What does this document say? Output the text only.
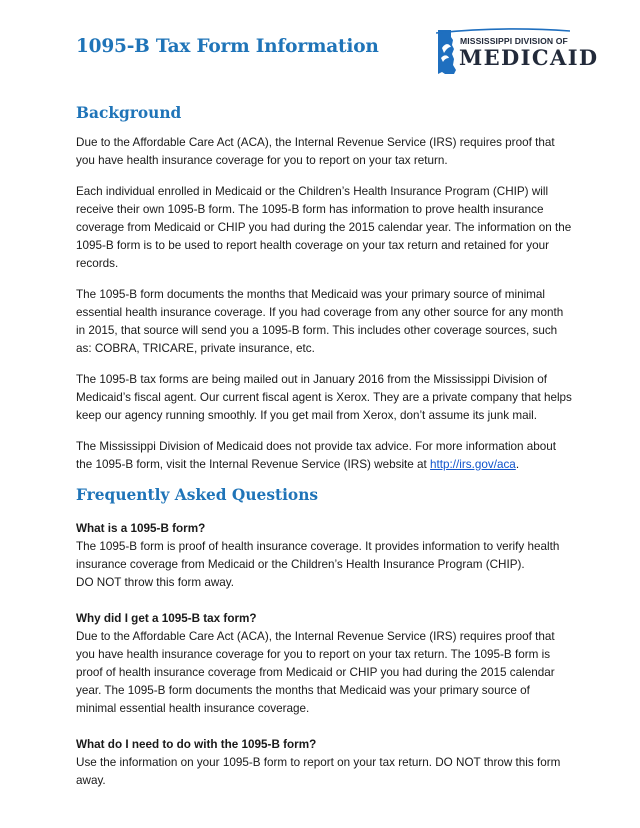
1095-B Tax Form Information	MISSISSIPPI DIVISION OF
MEDICAID
Background

Due to the Affordable Care Act (ACA), the Internal Revenue Service (IRS) requires proof that you have health insurance coverage for you to report on your tax return.

Each individual enrolled in Medicaid or the Children’s Health Insurance Program (CHIP) will receive their own 1095-B form. The 1095-B form has information to prove health insurance coverage from Medicaid or CHIP you had during the 2015 calendar year. The information on the 1095-B form is to be used to report health coverage on your tax return and retained for your records.

The 1095-B form documents the months that Medicaid was your primary source of minimal essential health insurance coverage. If you had coverage from any other source for any month in 2015, that source will send you a 1095-B form. This includes other coverage sources, such as: COBRA, TRICARE, private insurance, etc.

The 1095-B tax forms are being mailed out in January 2016 from the Mississippi Division of Medicaid’s fiscal agent. Our current fiscal agent is Xerox. They are a private company that helps keep our agency running smoothly. If you get mail from Xerox, don’t assume its junk mail.

The Mississippi Division of Medicaid does not provide tax advice. For more information about the 1095-B form, visit the Internal Revenue Service (IRS) website at http://irs.gov/aca.

Frequently Asked Questions

What is a 1095-B form?

The 1095-B form is proof of health insurance coverage. It provides information to verify health insurance coverage from Medicaid or the Children’s Health Insurance Program (CHIP).

DO NOT throw this form away.

Why did I get a 1095-B tax form?

Due to the Affordable Care Act (ACA), the Internal Revenue Service (IRS) requires proof that you have health insurance coverage for you to report on your tax return. The 1095-B form is proof of health insurance coverage from Medicaid or CHIP you had during the 2015 calendar year. The 1095-B form documents the months that Medicaid was your primary source of minimal essential health insurance coverage.

What do I need to do with the 1095-B form?

Use the information on your 1095-B form to report on your tax return. DO NOT throw this form away.
